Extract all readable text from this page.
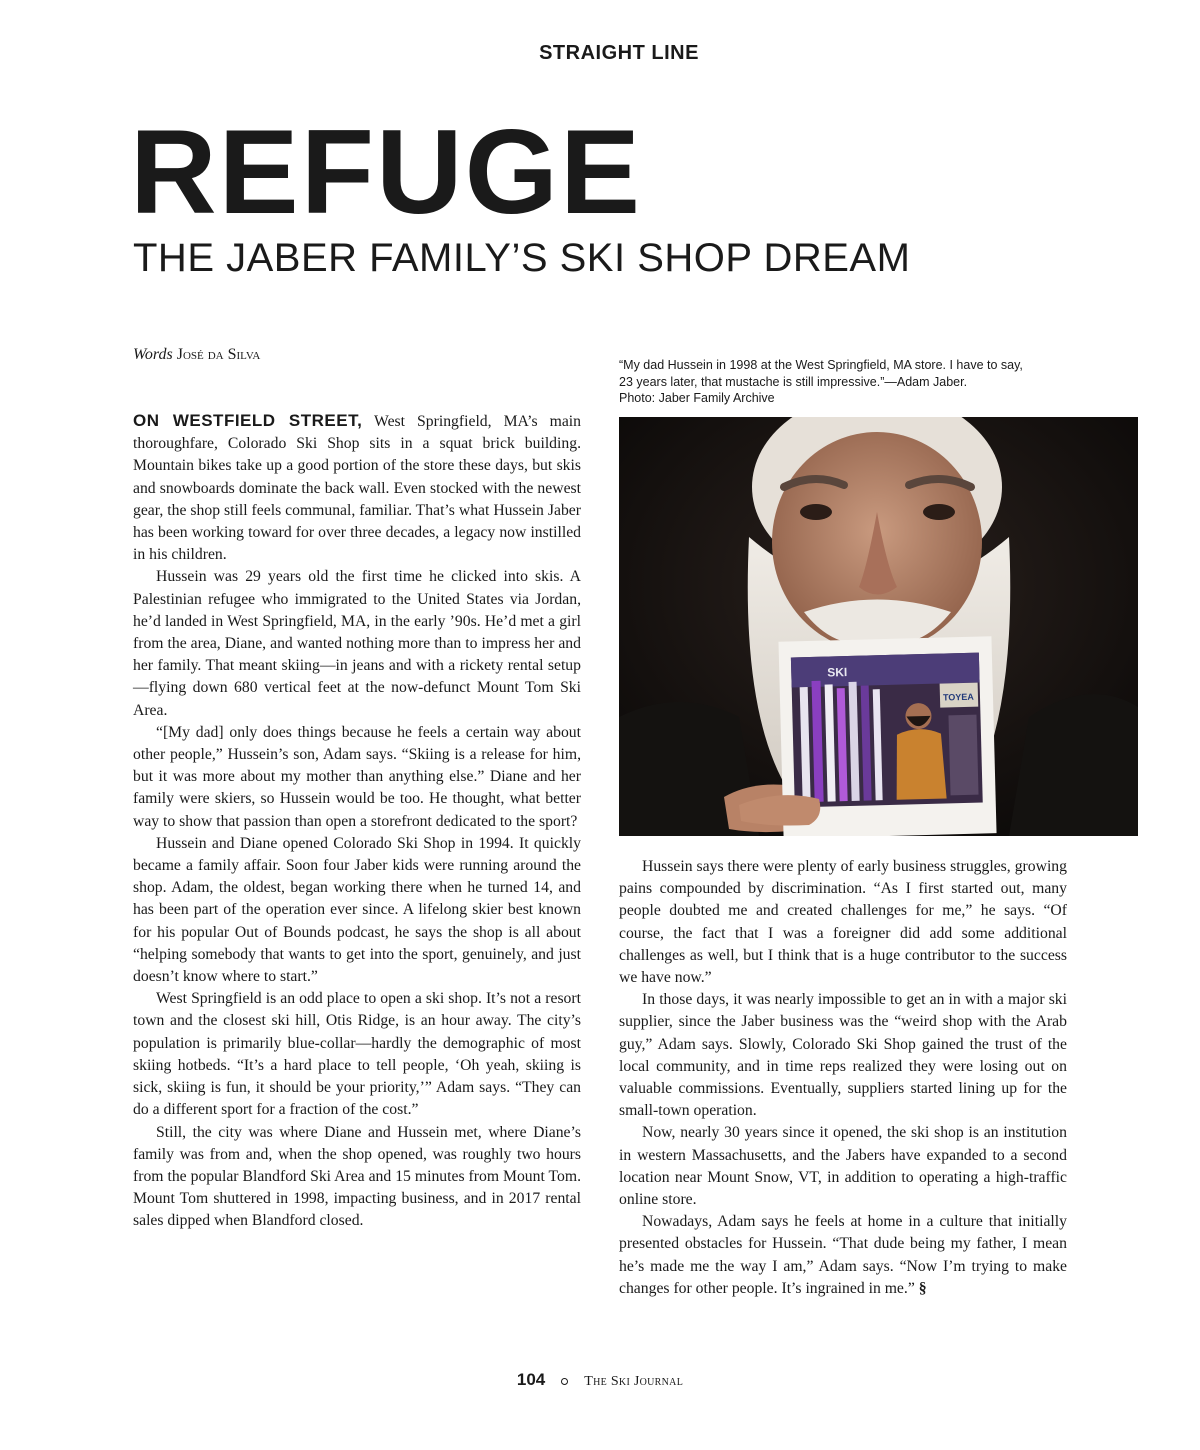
STRAIGHT LINE
REFUGE
THE JABER FAMILY’S SKI SHOP DREAM
Words José da Silva
“My dad Hussein in 1998 at the West Springfield, MA store. I have to say,
23 years later, that mustache is still impressive.”—Adam Jaber.
Photo: Jaber Family Archive
SKI
TOYEA

ON WESTFIELD STREET, West Springfield, MA’s main thoroughfare, Colorado Ski Shop sits in a squat brick building. Mountain bikes take up a good portion of the store these days, but skis and snowboards dominate the back wall. Even stocked with the newest gear, the shop still feels communal, familiar. That’s what Hussein Jaber has been working toward for over three decades, a legacy now instilled in his children.

Hussein was 29 years old the first time he clicked into skis. A Palestinian refugee who immigrated to the United States via Jordan, he’d landed in West Springfield, MA, in the early ’90s. He’d met a girl from the area, Diane, and wanted nothing more than to impress her and her family. That meant skiing—in jeans and with a rickety rental setup—flying down 680 vertical feet at the now-defunct Mount Tom Ski Area.

“[My dad] only does things because he feels a certain way about other people,” Hussein’s son, Adam says. “Skiing is a release for him, but it was more about my mother than anything else.” Diane and her family were skiers, so Hussein would be too. He thought, what better way to show that passion than open a storefront dedicated to the sport?

Hussein and Diane opened Colorado Ski Shop in 1994. It quickly became a family affair. Soon four Jaber kids were running around the shop. Adam, the oldest, began working there when he turned 14, and has been part of the operation ever since. A lifelong skier best known for his popular Out of Bounds podcast, he says the shop is all about “helping somebody that wants to get into the sport, genuinely, and just doesn’t know where to start.”

West Springfield is an odd place to open a ski shop. It’s not a resort town and the closest ski hill, Otis Ridge, is an hour away. The city’s population is primarily blue-collar—hardly the demographic of most skiing hotbeds. “It’s a hard place to tell people, ‘Oh yeah, skiing is sick, skiing is fun, it should be your priority,’” Adam says. “They can do a different sport for a fraction of the cost.”

Still, the city was where Diane and Hussein met, where Diane’s family was from and, when the shop opened, was roughly two hours from the popular Blandford Ski Area and 15 minutes from Mount Tom. Mount Tom shuttered in 1998, impacting business, and in 2017 rental sales dipped when Blandford closed.

Hussein says there were plenty of early business struggles, growing pains compounded by discrimination. “As I first started out, many people doubted me and created challenges for me,” he says. “Of course, the fact that I was a foreigner did add some additional challenges as well, but I think that is a huge contributor to the success we have now.”

In those days, it was nearly impossible to get an in with a major ski supplier, since the Jaber business was the “weird shop with the Arab guy,” Adam says. Slowly, Colorado Ski Shop gained the trust of the local community, and in time reps realized they were losing out on valuable commissions. Eventually, suppliers started lining up for the small-town operation.

Now, nearly 30 years since it opened, the ski shop is an institution in western Massachusetts, and the Jabers have expanded to a second location near Mount Snow, VT, in addition to operating a high-traffic online store.

Nowadays, Adam says he feels at home in a culture that initially presented obstacles for Hussein. “That dude being my father, I mean he’s made me the way I am,” Adam says. “Now I’m trying to make changes for other people. It’s ingrained in me.” §

104	The Ski Journal
